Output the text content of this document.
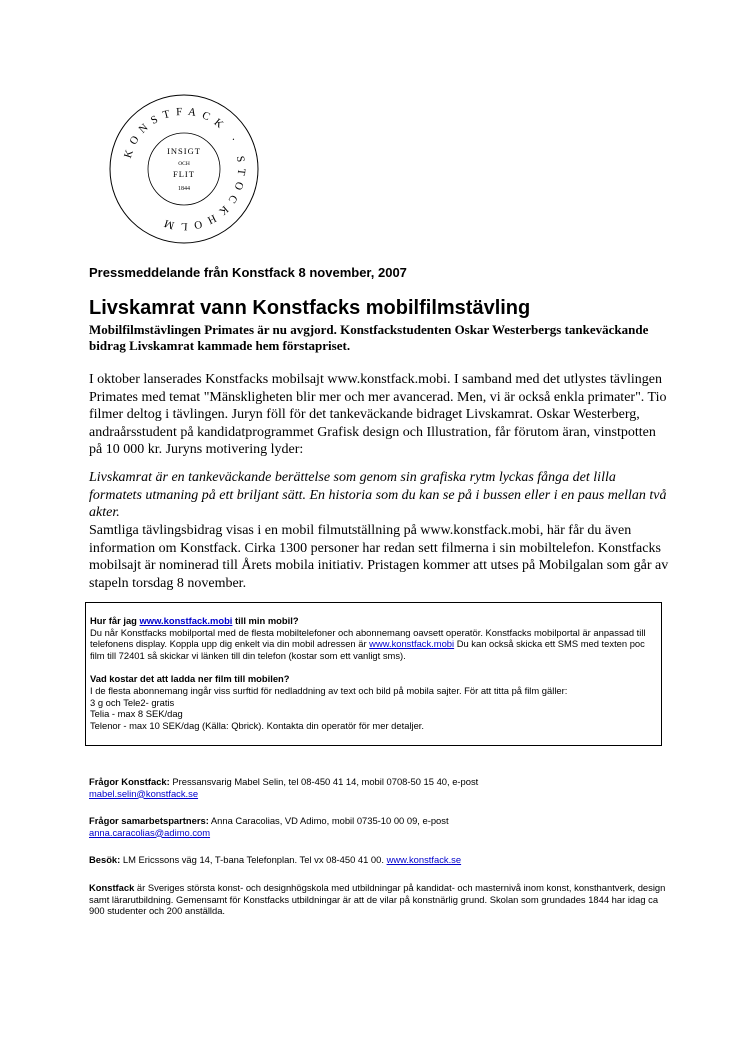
KONSTFACK · STOCKHOLM
INSIGT
OCH
FLIT
1844
Pressmeddelande från Konstfack 8 november, 2007
Livskamrat vann Konstfacks mobilfilmstävling
Mobilfilmstävlingen Primates är nu avgjord. Konstfackstudenten Oskar Westerbergs tankeväckande bidrag Livskamrat kammade hem förstapriset.

I oktober lanserades Konstfacks mobilsajt www.konstfack.mobi. I samband med det utlystes tävlingen Primates med temat "Mänskligheten blir mer och mer avancerad. Men, vi är också enkla primater". Tio filmer deltog i tävlingen. Juryn föll för det tankeväckande bidraget Livskamrat. Oskar Westerberg, andraårsstudent på kandidatprogrammet Grafisk design och Illustration, får förutom äran, vinstpotten på 10 000 kr. Juryns motivering lyder:

Livskamrat är en tankeväckande berättelse som genom sin grafiska rytm lyckas fånga det lilla formatets utmaning på ett briljant sätt. En historia som du kan se på i bussen eller i en paus mellan två akter.

Samtliga tävlingsbidrag visas i en mobil filmutställning på www.konstfack.mobi, här får du även information om Konstfack. Cirka 1300 personer har redan sett filmerna i sin mobiltelefon. Konstfacks mobilsajt är nominerad till Årets mobila initiativ. Pristagen kommer att utses på Mobilgalan som går av stapeln torsdag 8 november.

Hur får jag www.konstfack.mobi till min mobil?
Du når Konstfacks mobilportal med de flesta mobiltelefoner och abonnemang oavsett operatör. Konstfacks mobilportal är anpassad till telefonens display. Koppla upp dig enkelt via din mobil adressen är www.konstfack.mobi Du kan också skicka ett SMS med texten poc film till 72401 så skickar vi länken till din telefon (kostar som ett vanligt sms).
Vad kostar det att ladda ner film till mobilen?
I de flesta abonnemang ingår viss surftid för nedladdning av text och bild på mobila sajter. För att titta på film gäller:
3 g och Tele2- gratis
Telia - max 8 SEK/dag
Telenor - max 10 SEK/dag (Källa: Qbrick). Kontakta din operatör för mer detaljer.
Frågor Konstfack: Pressansvarig Mabel Selin, tel 08-450 41 14, mobil 0708-50 15 40, e-post
mabel.selin@konstfack.se
Frågor samarbetspartners: Anna Caracolias, VD Adimo, mobil 0735-10 00 09, e-post
anna.caracolias@adimo.com
Besök: LM Ericssons väg 14, T-bana Telefonplan. Tel vx 08-450 41 00. www.konstfack.se
Konstfack är Sveriges största konst- och designhögskola med utbildningar på kandidat- och masternivå inom konst, konsthantverk, design samt lärarutbildning. Gemensamt för Konstfacks utbildningar är att de vilar på konstnärlig grund. Skolan som grundades 1844 har idag ca 900 studenter och 200 anställda.
